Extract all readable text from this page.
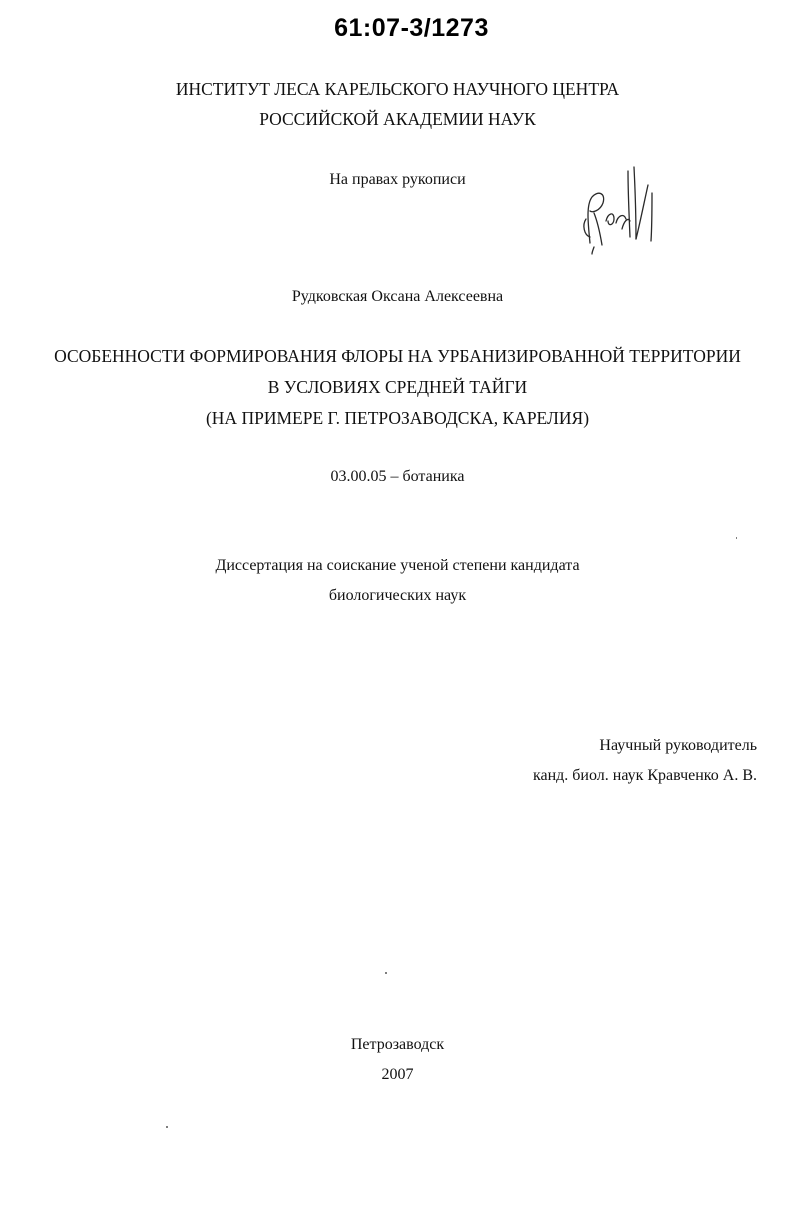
61:07-3/1273
ИНСТИТУТ ЛЕСА КАРЕЛЬСКОГО НАУЧНОГО ЦЕНТРА
РОССИЙСКОЙ АКАДЕМИИ НАУК
На правах рукописи
Рудковская Оксана Алексеевна
ОСОБЕННОСТИ ФОРМИРОВАНИЯ ФЛОРЫ НА УРБАНИЗИРОВАННОЙ ТЕРРИТОРИИ
В УСЛОВИЯХ СРЕДНЕЙ ТАЙГИ
(НА ПРИМЕРЕ Г. ПЕТРОЗАВОДСКА, КАРЕЛИЯ)
03.00.05 – ботаника
Диссертация на соискание ученой степени кандидата
биологических наук
Научный руководитель
канд. биол. наук Кравченко А. В.
Петрозаводск
2007
